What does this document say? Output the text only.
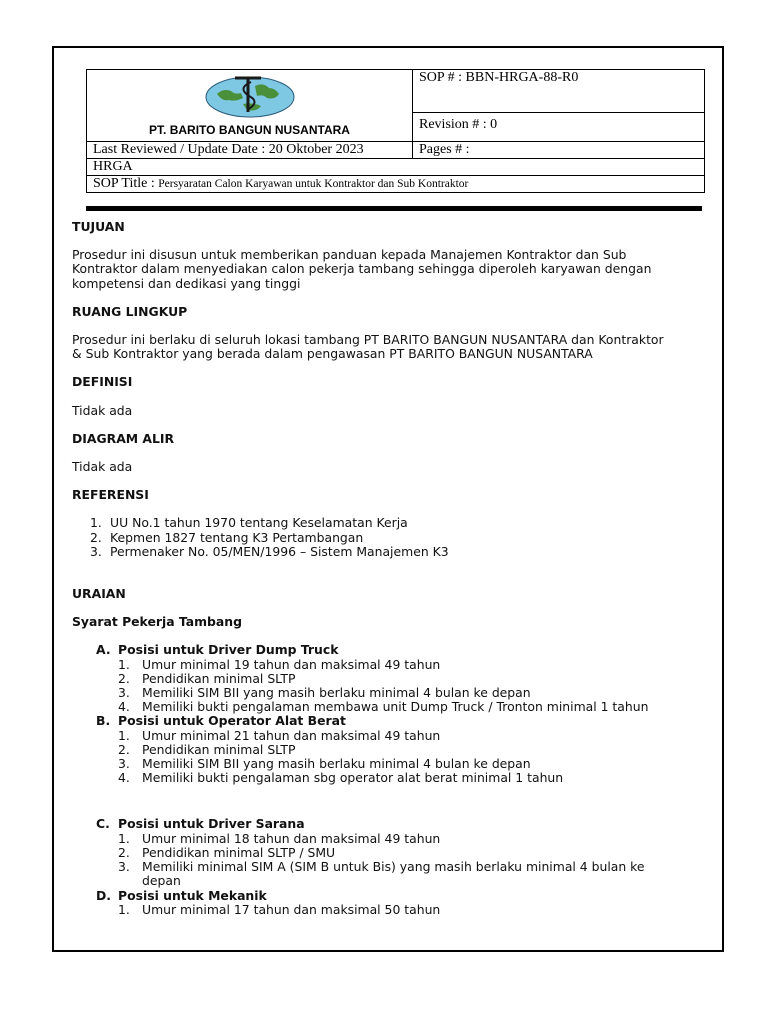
PT. BARITO BANGUN NUSANTARA	SOP # : BBN-HRGA-88-R0
	Revision # : 0
Last Reviewed / Update Date : 20 Oktober 2023	Pages # :
HRGA	
SOP Title : Persyaratan Calon Karyawan untuk Kontraktor dan Sub Kontraktor	

TUJUAN

Prosedur ini disusun untuk memberikan panduan kepada Manajemen Kontraktor dan Sub

Kontraktor dalam menyediakan calon pekerja tambang sehingga diperoleh karyawan dengan

kompetensi dan dedikasi yang tinggi

RUANG LINGKUP

Prosedur ini berlaku di seluruh lokasi tambang PT BARITO BANGUN NUSANTARA dan Kontraktor

& Sub Kontraktor yang berada dalam pengawasan PT BARITO BANGUN NUSANTARA

DEFINISI

Tidak ada

DIAGRAM ALIR

Tidak ada

REFERENSI

1. UU No.1 tahun 1970 tentang Keselamatan Kerja
2. Kepmen 1827 tentang K3 Pertambangan
3. Permenaker No. 05/MEN/1996 – Sistem Manajemen K3

URAIAN

Syarat Pekerja Tambang

A. Posisi untuk Driver Dump Truck
1. Umur minimal 19 tahun dan maksimal 49 tahun
2. Pendidikan minimal SLTP
3. Memiliki SIM BII yang masih berlaku minimal 4 bulan ke depan
4. Memiliki bukti pengalaman membawa unit Dump Truck / Tronton minimal 1 tahun
B. Posisi untuk Operator Alat Berat
1. Umur minimal 21 tahun dan maksimal 49 tahun
2. Pendidikan minimal SLTP
3. Memiliki SIM BII yang masih berlaku minimal 4 bulan ke depan
4. Memiliki bukti pengalaman sbg operator alat berat minimal 1 tahun
C. Posisi untuk Driver Sarana
1. Umur minimal 18 tahun dan maksimal 49 tahun
2. Pendidikan minimal SLTP / SMU
3. Memiliki minimal SIM A (SIM B untuk Bis) yang masih berlaku minimal 4 bulan ke depan
D. Posisi untuk Mekanik
1. Umur minimal 17 tahun dan maksimal 50 tahun
